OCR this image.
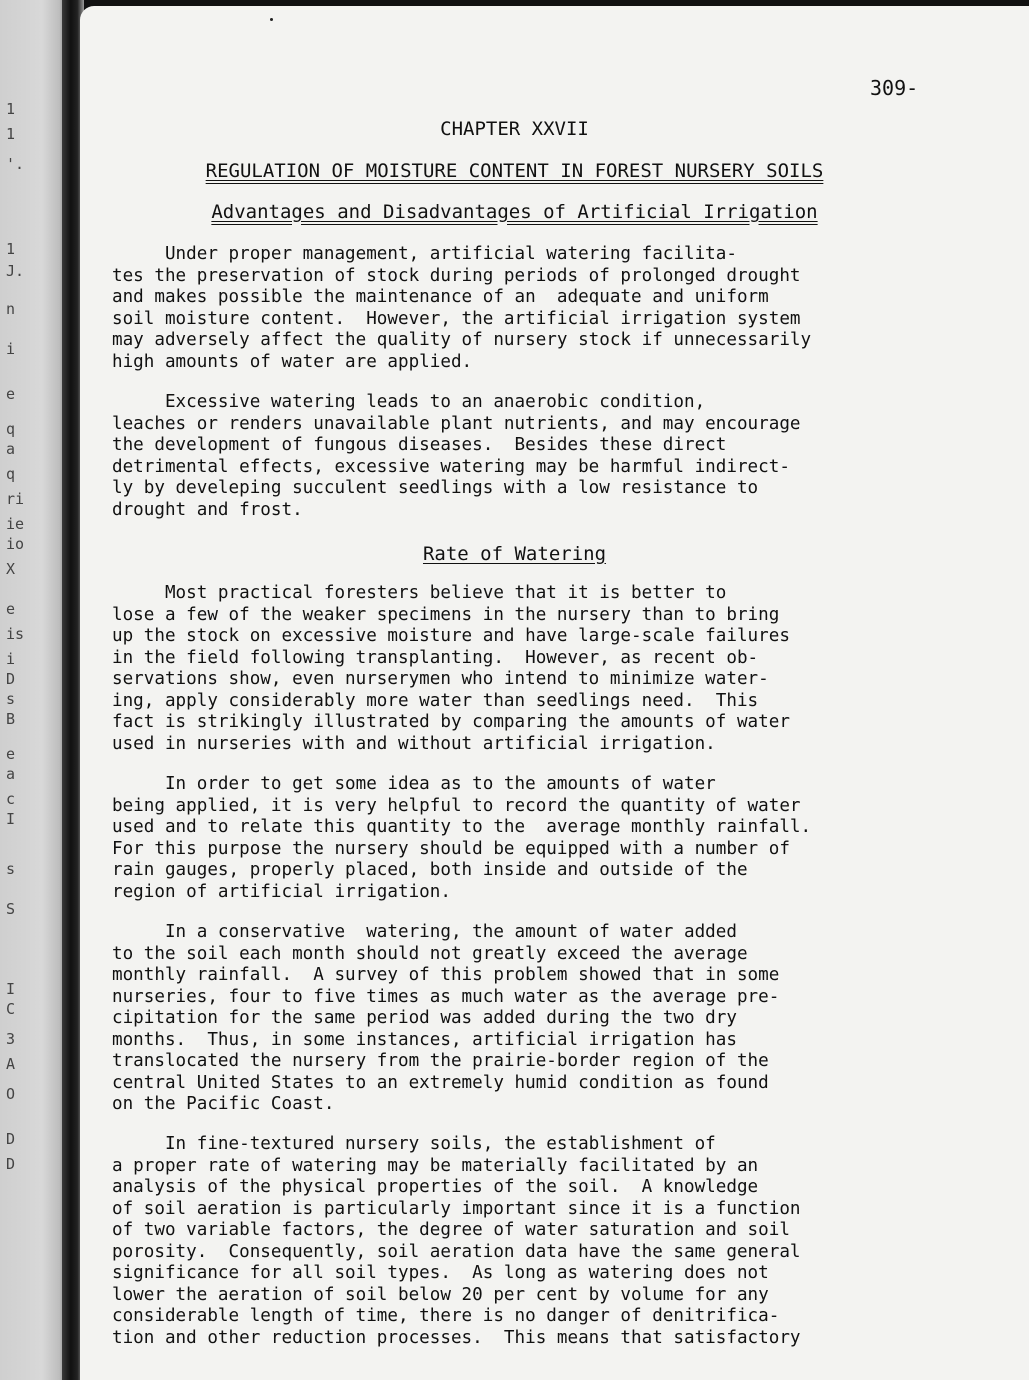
1
1
'.
1
J.
n
i
e
q
a
q
ri
ie
io
X
e
is
i
D
s
B
e
a
c
I
s
S
I
C
3
A
O
D
D
309-
CHAPTER XXVII
REGULATION OF MOISTURE CONTENT IN FOREST NURSERY SOILS
Advantages and Disadvantages of Artificial Irrigation
Under proper management, artificial watering facilita-
tes the preservation of stock during periods of prolonged drought
and makes possible the maintenance of an  adequate and uniform
soil moisture content.  However, the artificial irrigation system
may adversely affect the quality of nursery stock if unnecessarily
high amounts of water are applied.
Excessive watering leads to an anaerobic condition,
leaches or renders unavailable plant nutrients, and may encourage
the development of fungous diseases.  Besides these direct
detrimental effects, excessive watering may be harmful indirect-
ly by develeping succulent seedlings with a low resistance to
drought and frost.
Rate of Watering
Most practical foresters believe that it is better to
lose a few of the weaker specimens in the nursery than to bring
up the stock on excessive moisture and have large-scale failures
in the field following transplanting.  However, as recent ob-
servations show, even nurserymen who intend to minimize water-
ing, apply considerably more water than seedlings need.  This
fact is strikingly illustrated by comparing the amounts of water
used in nurseries with and without artificial irrigation.
In order to get some idea as to the amounts of water
being applied, it is very helpful to record the quantity of water
used and to relate this quantity to the  average monthly rainfall.
For this purpose the nursery should be equipped with a number of
rain gauges, properly placed, both inside and outside of the
region of artificial irrigation.
In a conservative  watering, the amount of water added
to the soil each month should not greatly exceed the average
monthly rainfall.  A survey of this problem showed that in some
nurseries, four to five times as much water as the average pre-
cipitation for the same period was added during the two dry
months.  Thus, in some instances, artificial irrigation has
translocated the nursery from the prairie-border region of the
central United States to an extremely humid condition as found
on the Pacific Coast.
In fine-textured nursery soils, the establishment of
a proper rate of watering may be materially facilitated by an
analysis of the physical properties of the soil.  A knowledge
of soil aeration is particularly important since it is a function
of two variable factors, the degree of water saturation and soil
porosity.  Consequently, soil aeration data have the same general
significance for all soil types.  As long as watering does not
lower the aeration of soil below 20 per cent by volume for any
considerable length of time, there is no danger of denitrifica-
tion and other reduction processes.  This means that satisfactory
